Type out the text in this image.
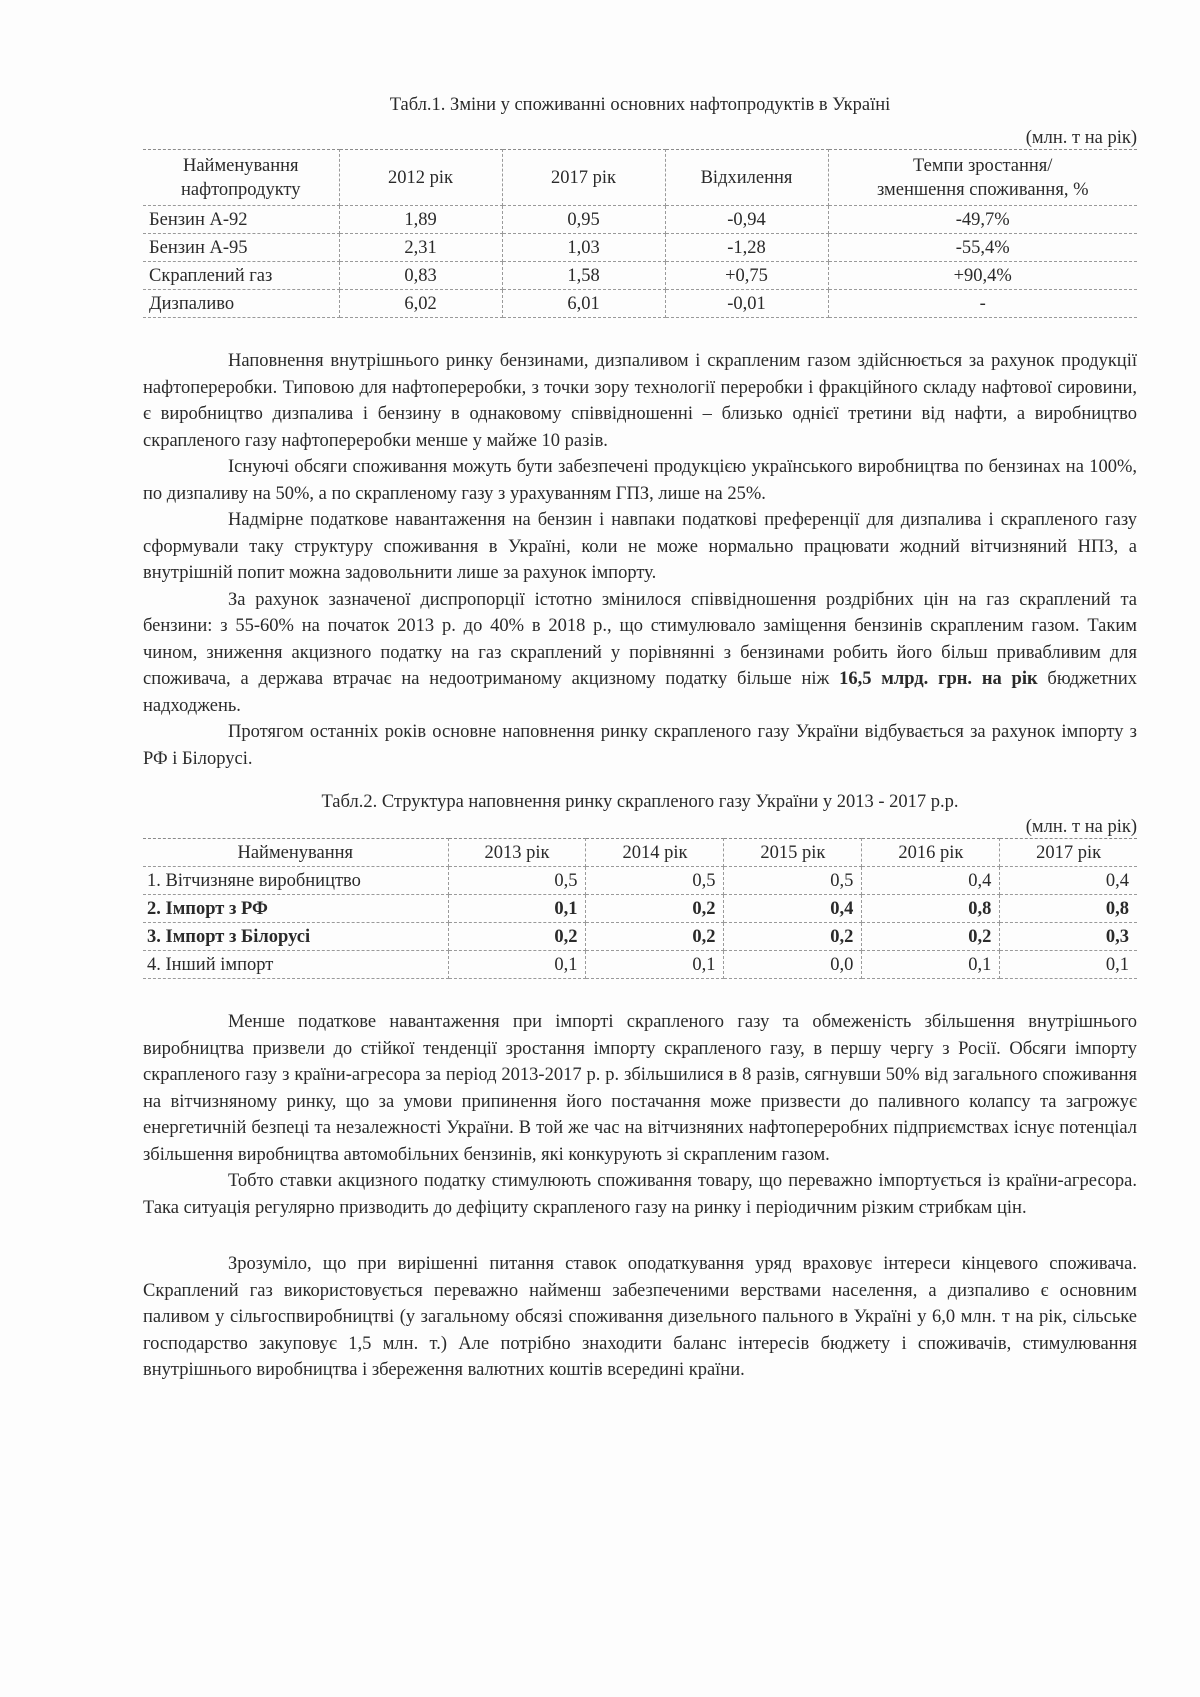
Табл.1. Зміни у споживанні основних нафтопродуктів в Україні
(млн. т на рік)
Найменування
нафтопродукту	2012 рік	2017 рік	Відхилення	Темпи зростання/
зменшення споживання, %
Бензин А-92	1,89	0,95	-0,94	-49,7%
Бензин А-95	2,31	1,03	-1,28	-55,4%
Скраплений газ	0,83	1,58	+0,75	+90,4%
Дизпаливо	6,02	6,01	-0,01	-

Наповнення внутрішнього ринку бензинами, дизпаливом і скрапленим газом здійснюється за рахунок продукції нафтопереробки. Типовою для нафтопереробки, з точки зору технології переробки і фракційного складу нафтової сировини, є виробництво дизпалива і бензину в однаковому співвідношенні – близько однієї третини від нафти, а виробництво скрапленого газу нафтопереробки менше у майже 10 разів.

Існуючі обсяги споживання можуть бути забезпечені продукцією українського виробництва по бензинах на 100%, по дизпаливу на 50%, а по скрапленому газу з урахуванням ГПЗ, лише на 25%.

Надмірне податкове навантаження на бензин і навпаки податкові преференції для дизпалива і скрапленого газу сформували таку структуру споживання в Україні, коли не може нормально працювати жодний вітчизняний НПЗ, а внутрішній попит можна задовольнити лише за рахунок імпорту.

За рахунок зазначеної диспропорції істотно змінилося співвідношення роздрібних цін на газ скраплений та бензини: з 55-60% на початок 2013 р. до 40% в 2018 р., що стимулювало заміщення бензинів скрапленим газом. Таким чином, зниження акцизного податку на газ скраплений у порівнянні з бензинами робить його більш привабливим для споживача, а держава втрачає на недоотриманому акцизному податку більше ніж 16,5 млрд. грн. на рік бюджетних надходжень.

Протягом останніх років основне наповнення ринку скрапленого газу України відбувається за рахунок імпорту з РФ і Білорусі.

Табл.2. Структура наповнення ринку скрапленого газу України у 2013 - 2017 р.р.
(млн. т на рік)
Найменування	2013 рік	2014 рік	2015 рік	2016 рік	2017 рік
1. Вітчизняне виробництво	0,5	0,5	0,5	0,4	0,4
2. Імпорт з РФ	0,1	0,2	0,4	0,8	0,8
3. Імпорт з Білорусі	0,2	0,2	0,2	0,2	0,3
4. Інший імпорт	0,1	0,1	0,0	0,1	0,1

Менше податкове навантаження при імпорті скрапленого газу та обмеженість збільшення внутрішнього виробництва призвели до стійкої тенденції зростання імпорту скрапленого газу, в першу чергу з Росії. Обсяги імпорту скрапленого газу з країни-агресора за період 2013-2017 р. р. збільшилися в 8 разів, сягнувши 50% від загального споживання на вітчизняному ринку, що за умови припинення його постачання може призвести до паливного колапсу та загрожує енергетичній безпеці та незалежності України. В той же час на вітчизняних нафтопереробних підприємствах існує потенціал збільшення виробництва автомобільних бензинів, які конкурують зі скрапленим газом.

Тобто ставки акцизного податку стимулюють споживання товару, що переважно імпортується із країни-агресора. Така ситуація регулярно призводить до дефіциту скрапленого газу на ринку і періодичним різким стрибкам цін.

Зрозуміло, що при вирішенні питання ставок оподаткування уряд враховує інтереси кінцевого споживача. Скраплений газ використовується переважно найменш забезпеченими верствами населення, а дизпаливо є основним паливом у сільгоспвиробництві (у загальному обсязі споживання дизельного пального в Україні у 6,0 млн. т на рік, сільське господарство закуповує 1,5 млн. т.) Але потрібно знаходити баланс інтересів бюджету і споживачів, стимулювання внутрішнього виробництва і збереження валютних коштів всередині країни.
